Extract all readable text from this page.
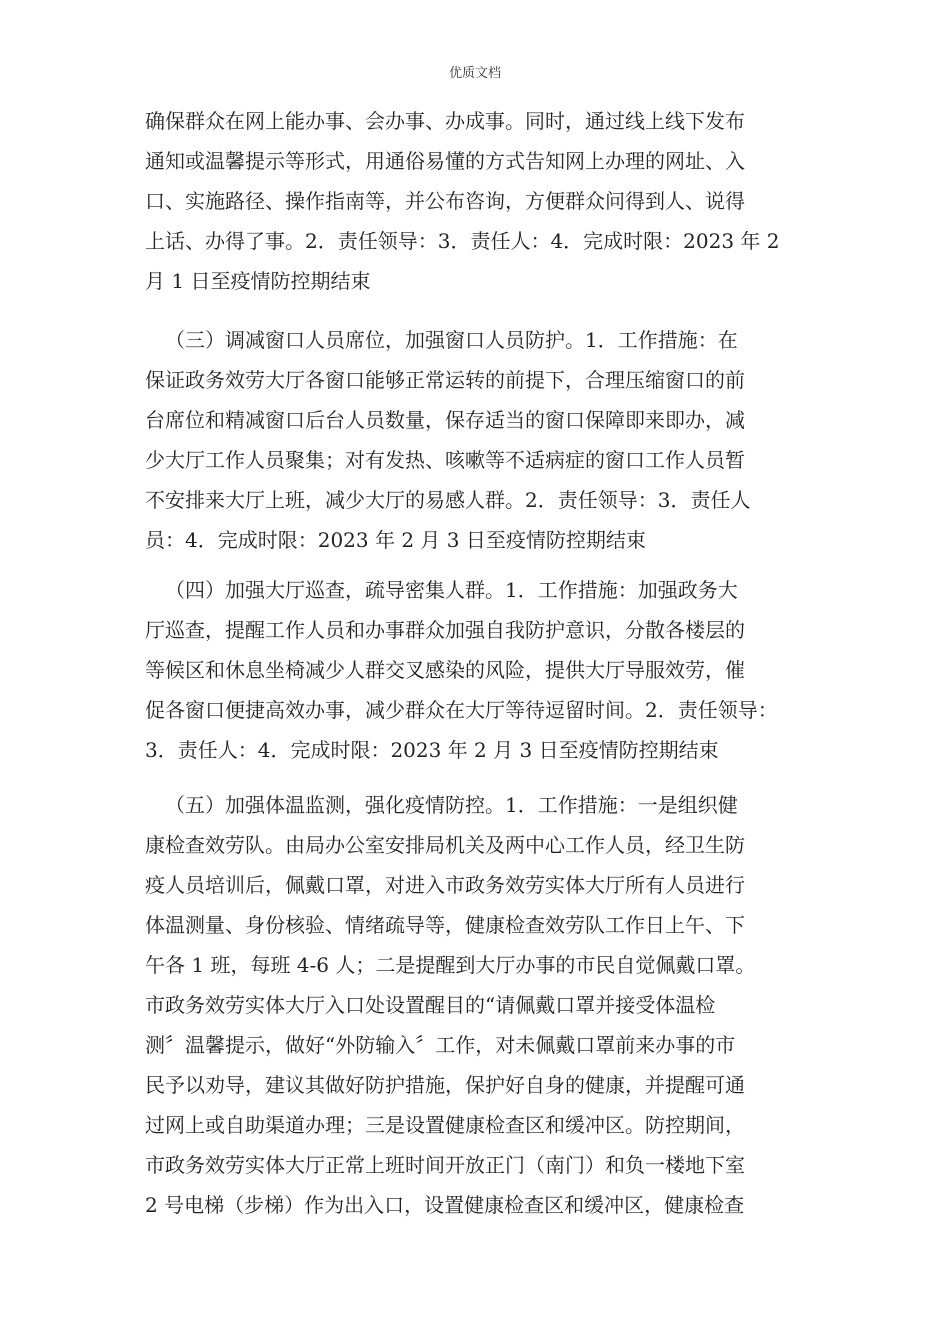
优质文档
确保群众在网上能办事、会办事、办成事。同时，通过线上线下发布
通知或温馨提示等形式，用通俗易懂的方式告知网上办理的网址、入
口、实施路径、操作指南等，并公布咨询，方便群众问得到人、说得
上话、办得了事。2．责任领导：3．责任人：4．完成时限：2023 年 2
月 1 日至疫情防控期结束
（三）调减窗口人员席位，加强窗口人员防护。1．工作措施：在
保证政务效劳大厅各窗口能够正常运转的前提下，合理压缩窗口的前
台席位和精减窗口后台人员数量，保存适当的窗口保障即来即办，减
少大厅工作人员聚集；对有发热、咳嗽等不适病症的窗口工作人员暂
不安排来大厅上班，减少大厅的易感人群。2．责任领导：3．责任人
员：4．完成时限：2023 年 2 月 3 日至疫情防控期结束
（四）加强大厅巡查，疏导密集人群。1．工作措施：加强政务大
厅巡查，提醒工作人员和办事群众加强自我防护意识，分散各楼层的
等候区和休息坐椅减少人群交叉感染的风险，提供大厅导服效劳，催
促各窗口便捷高效办事，减少群众在大厅等待逗留时间。2．责任领导：
3．责任人：4．完成时限：2023 年 2 月 3 日至疫情防控期结束
（五）加强体温监测，强化疫情防控。1．工作措施：一是组织健
康检查效劳队。由局办公室安排局机关及两中心工作人员，经卫生防
疫人员培训后，佩戴口罩，对进入市政务效劳实体大厅所有人员进行
体温测量、身份核验、情绪疏导等，健康检查效劳队工作日上午、下
午各 1 班，每班 4-6 人；二是提醒到大厅办事的市民自觉佩戴口罩。
市政务效劳实体大厅入口处设置醒目的“请佩戴口罩并接受体温检
测〞温馨提示，做好“外防输入〞工作，对未佩戴口罩前来办事的市
民予以劝导，建议其做好防护措施，保护好自身的健康，并提醒可通
过网上或自助渠道办理；三是设置健康检查区和缓冲区。防控期间，
市政务效劳实体大厅正常上班时间开放正门（南门）和负一楼地下室
2 号电梯（步梯）作为出入口，设置健康检查区和缓冲区，健康检查
